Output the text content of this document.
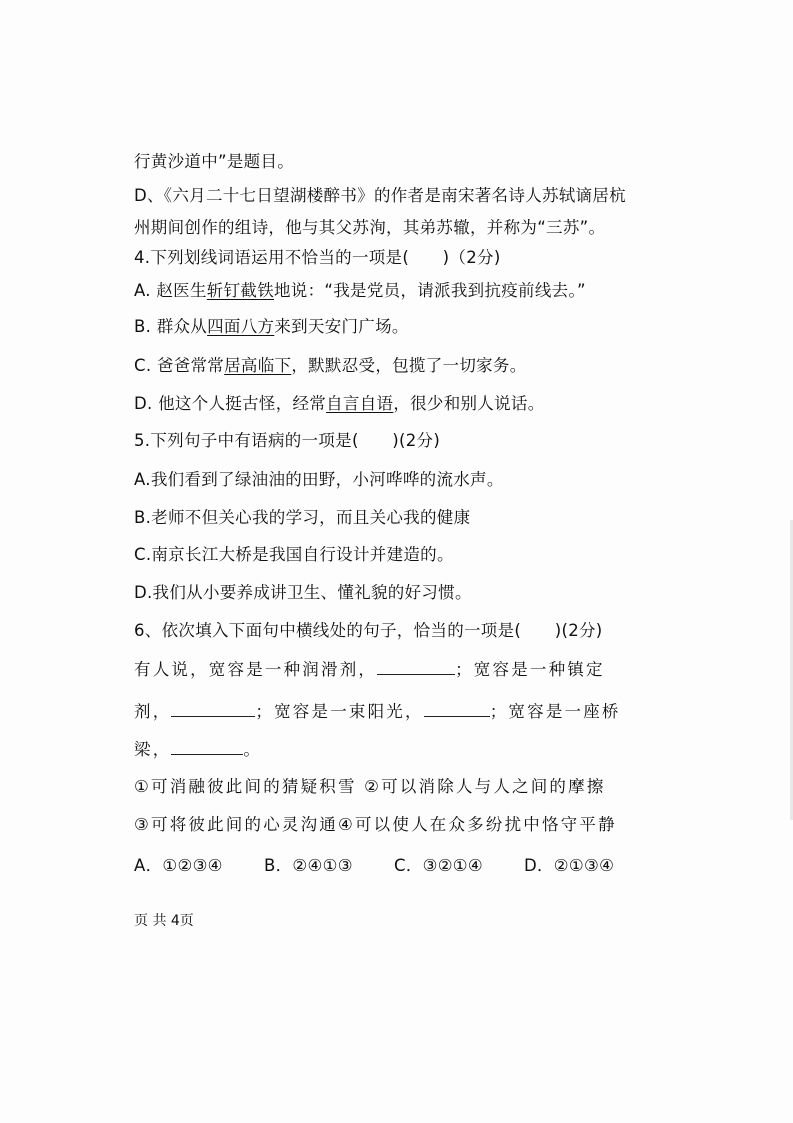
行黄沙道中”是题目。
D、《六月二十七日望湖楼醉书》的作者是南宋著名诗人苏轼谪居杭
州期间创作的组诗，他与其父苏洵，其弟苏辙，并称为“三苏”。
4.下列划线词语运用不恰当的一项是(　　)（2分)
A. 赵医生斩钉截铁地说：“我是党员，请派我到抗疫前线去。”
B. 群众从四面八方来到天安门广场。
C. 爸爸常常居高临下，默默忍受，包揽了一切家务。
D. 他这个人挺古怪，经常自言自语，很少和别人说话。
5.下列句子中有语病的一项是(　　)(2分)
A.我们看到了绿油油的田野，小河哗哗的流水声。
B.老师不但关心我的学习，而且关心我的健康
C.南京长江大桥是我国自行设计并建造的。
D.我们从小要养成讲卫生、懂礼貌的好习惯。
6、依次填入下面句中横线处的句子，恰当的一项是(　　)(2分)
有人说，宽容是一种润滑剂，	；宽容是一种镇定
剂，	；宽容是一束阳光，	；宽容是一座桥
梁，	。
①可消融彼此间的猜疑积雪 ②可以消除人与人之间的摩擦
③可将彼此间的心灵沟通④可以使人在众多纷扰中恪守平静
A．①②③④ B．②④①③ C．③②①④ D．②①③④
页 共 4页
